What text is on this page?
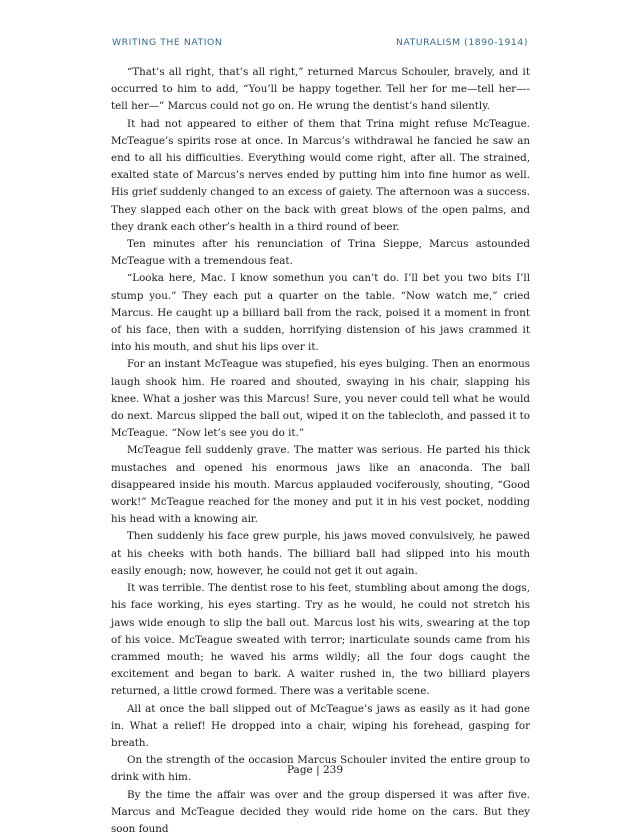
WRITING THE NATION	NATURALISM (1890-1914)

“That’s all right, that’s all right,” returned Marcus Schouler, bravely, and it occurred to him to add, “You’ll be happy together. Tell her for me—tell her—-tell her—” Marcus could not go on. He wrung the dentist’s hand silently.

It had not appeared to either of them that Trina might refuse McTeague. McTeague’s spirits rose at once. In Marcus’s withdrawal he fancied he saw an end to all his difficulties. Everything would come right, after all. The strained, exalted state of Marcus’s nerves ended by putting him into fine humor as well. His grief suddenly changed to an excess of gaiety. The afternoon was a success. They slapped each other on the back with great blows of the open palms, and they drank each other’s health in a third round of beer.

Ten minutes after his renunciation of Trina Sieppe, Marcus astounded McTeague with a tremendous feat.

“Looka here, Mac. I know somethun you can’t do. I’ll bet you two bits I’ll stump you.” They each put a quarter on the table. “Now watch me,” cried Marcus. He caught up a billiard ball from the rack, poised it a moment in front of his face, then with a sudden, horrifying distension of his jaws crammed it into his mouth, and shut his lips over it.

For an instant McTeague was stupefied, his eyes bulging. Then an enormous laugh shook him. He roared and shouted, swaying in his chair, slapping his knee. What a josher was this Marcus! Sure, you never could tell what he would do next. Marcus slipped the ball out, wiped it on the tablecloth, and passed it to McTeague. “Now let’s see you do it.”

McTeague fell suddenly grave. The matter was serious. He parted his thick mustaches and opened his enormous jaws like an anaconda. The ball disappeared inside his mouth. Marcus applauded vociferously, shouting, “Good work!” McTeague reached for the money and put it in his vest pocket, nodding his head with a knowing air.

Then suddenly his face grew purple, his jaws moved convulsively, he pawed at his cheeks with both hands. The billiard ball had slipped into his mouth easily enough; now, however, he could not get it out again.

It was terrible. The dentist rose to his feet, stumbling about among the dogs, his face working, his eyes starting. Try as he would, he could not stretch his jaws wide enough to slip the ball out. Marcus lost his wits, swearing at the top of his voice. McTeague sweated with terror; inarticulate sounds came from his crammed mouth; he waved his arms wildly; all the four dogs caught the excitement and began to bark. A waiter rushed in, the two billiard players returned, a little crowd formed. There was a veritable scene.

All at once the ball slipped out of McTeague’s jaws as easily as it had gone in. What a relief! He dropped into a chair, wiping his forehead, gasping for breath.

On the strength of the occasion Marcus Schouler invited the entire group to drink with him.

By the time the affair was over and the group dispersed it was after five. Marcus and McTeague decided they would ride home on the cars. But they soon found

Page | 239
